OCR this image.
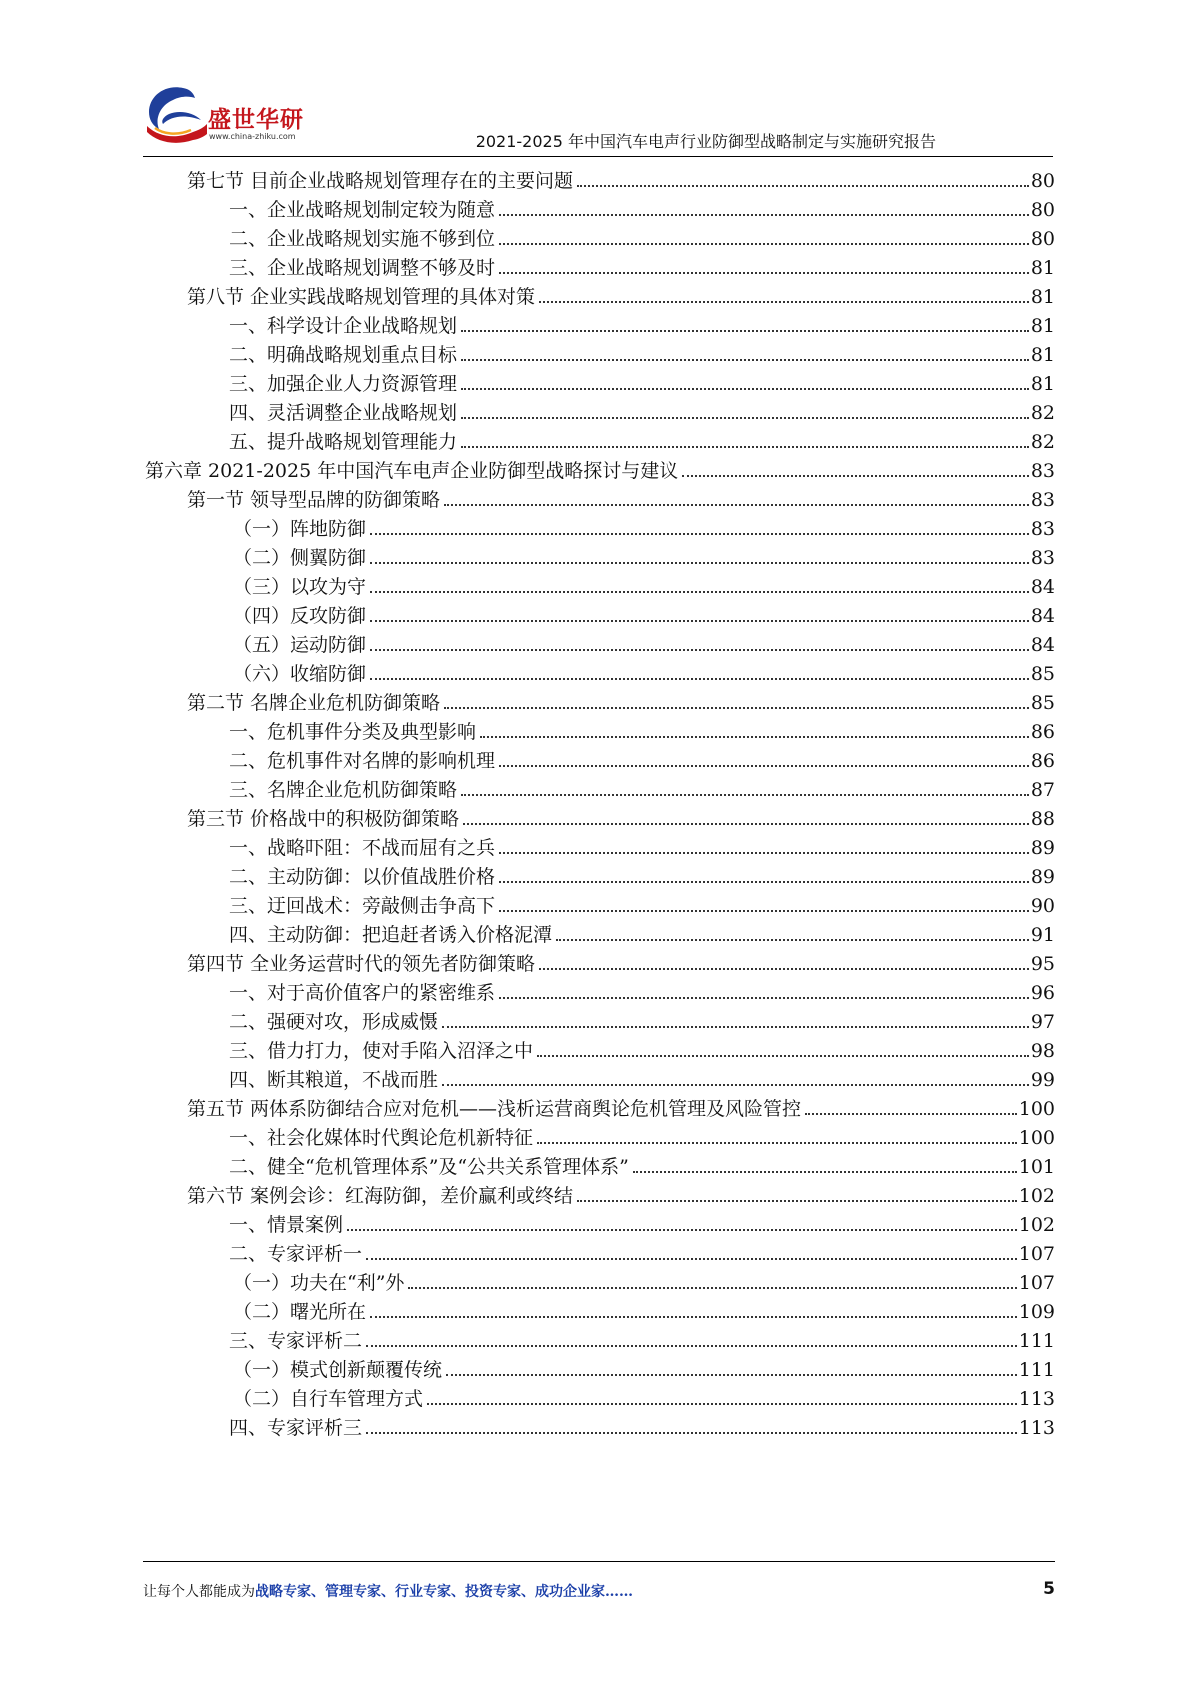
盛世华研
www.china-zhiku.com	2021-2025 年中国汽车电声行业防御型战略制定与实施研究报告
第七节 目前企业战略规划管理存在的主要问题	80
一、企业战略规划制定较为随意	80
二、企业战略规划实施不够到位	80
三、企业战略规划调整不够及时	81
第八节 企业实践战略规划管理的具体对策	81
一、科学设计企业战略规划	81
二、明确战略规划重点目标	81
三、加强企业人力资源管理	81
四、灵活调整企业战略规划	82
五、提升战略规划管理能力	82
第六章 2021-2025 年中国汽车电声企业防御型战略探讨与建议	83
第一节 领导型品牌的防御策略	83
（一）阵地防御	83
（二）侧翼防御	83
（三）以攻为守	84
（四）反攻防御	84
（五）运动防御	84
（六）收缩防御	85
第二节 名牌企业危机防御策略	85
一、危机事件分类及典型影响	86
二、危机事件对名牌的影响机理	86
三、名牌企业危机防御策略	87
第三节 价格战中的积极防御策略	88
一、战略吓阻：不战而屈有之兵	89
二、主动防御：以价值战胜价格	89
三、迂回战术：旁敲侧击争高下	90
四、主动防御：把追赶者诱入价格泥潭	91
第四节 全业务运营时代的领先者防御策略	95
一、对于高价值客户的紧密维系	96
二、强硬对攻，形成威慑	97
三、借力打力，使对手陷入沼泽之中	98
四、断其粮道，不战而胜	99
第五节 两体系防御结合应对危机——浅析运营商舆论危机管理及风险管控	100
一、社会化媒体时代舆论危机新特征	100
二、健全“危机管理体系”及“公共关系管理体系”	101
第六节 案例会诊：红海防御，差价赢利或终结	102
一、情景案例	102
二、专家评析一	107
（一）功夫在“利”外	107
（二）曙光所在	109
三、专家评析二	111
（一）模式创新颠覆传统	111
（二）自行车管理方式	113
四、专家评析三	113
让每个人都能成为战略专家、管理专家、行业专家、投资专家、成功企业家……	5
